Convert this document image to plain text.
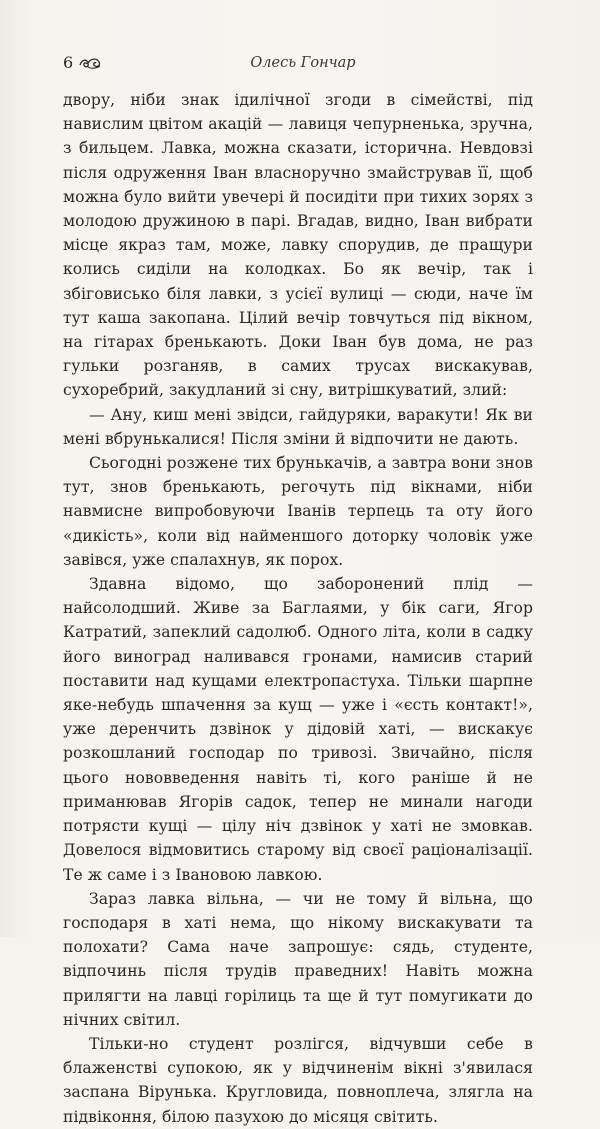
6	Олесь Гончар

двору, ніби знак ідилічної згоди в сімействі, під навислим цвітом акацій — лавиця чепурненька, зручна, з бильцем. Лавка, можна сказати, історична. Невдовзі після одруження Іван власноручно змайстрував її, щоб можна було вийти увечері й посидіти при тихих зорях з молодою дружиною в парі. Вгадав, видно, Іван вибрати місце якраз там, може, лавку спорудив, де пращури колись сиділи на колодках. Бо як вечір, так і збіговисько біля лавки, з усієї вулиці — сюди, наче їм тут каша закопана. Цілий вечір товчуться під вікном, на гітарах бренькають. Доки Іван був дома, не раз гульки розганяв, в самих трусах вискакував, сухоребрий, закудланий зі сну, витрішкуватий, злий:

— Ану, киш мені звідси, гайдуряки, варакути! Як ви мені вбрунькалися! Після зміни й відпочити не дають.

Сьогодні розжене тих брунькачів, а завтра вони знов тут, знов бренькають, регочуть під вікнами, ніби навмисне випробовуючи Іванів терпець та оту його «дикість», коли від найменшого доторку чоловік уже завівся, уже спалахнув, як порох.

Здавна відомо, що заборонений плід — найсолодший. Живе за Баглаями, у бік саги, Ягор Катратий, запеклий садолюб. Одного літа, коли в садку його виноград наливався гронами, намисив старий поставити над кущами електропастуха. Тільки шарпне яке-небудь шпачення за кущ — уже і «єсть контакт!», уже деренчить дзвінок у дідовій хаті, — вискакує розкошланий господар по тривозі. Звичайно, після цього нововведення навіть ті, кого раніше й не приманював Ягорів садок, тепер не минали нагоди потрясти кущі — цілу ніч дзвінок у хаті не змовкав. Довелося відмовитись старому від своєї раціоналізації. Те ж саме і з Івановою лавкою.

Зараз лавка вільна, — чи не тому й вільна, що господаря в хаті нема, що нікому вискакувати та полохати? Сама наче запрошує: сядь, студенте, відпочинь після трудів праведних! Навіть можна прилягти на лавці горілиць та ще й тут помугикати до нічних світил.

Тільки-но студент розлігся, відчувши себе в блаженстві супокою, як у відчиненім вікні з'явилася заспана Вірунька. Кругловида, повноплеча, злягла на підвіконня, білою пазухою до місяця світить.
